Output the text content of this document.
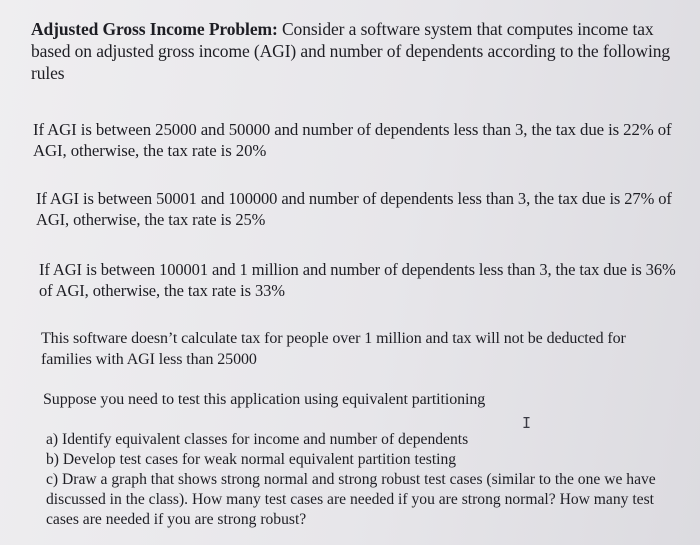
Adjusted Gross Income Problem: Consider a software system that computes income tax based on adjusted gross income (AGI) and number of dependents according to the following rules

If AGI is between 25000 and 50000 and number of dependents less than 3, the tax due is 22% of AGI, otherwise, the tax rate is 20%

If AGI is between 50001 and 100000 and number of dependents less than 3, the tax due is 27% of AGI, otherwise, the tax rate is 25%

If AGI is between 100001 and 1 million and number of dependents less than 3, the tax due is 36% of AGI, otherwise, the tax rate is 33%

This software doesn’t calculate tax for people over 1 million and tax will not be deducted for families with AGI less than 25000

Suppose you need to test this application using equivalent partitioning

I
a) Identify equivalent classes for income and number of dependents
b) Develop test cases for weak normal equivalent partition testing
c) Draw a graph that shows strong normal and strong robust test cases (similar to the one we have discussed in the class). How many test cases are needed if you are strong normal? How many test cases are needed if you are strong robust?
